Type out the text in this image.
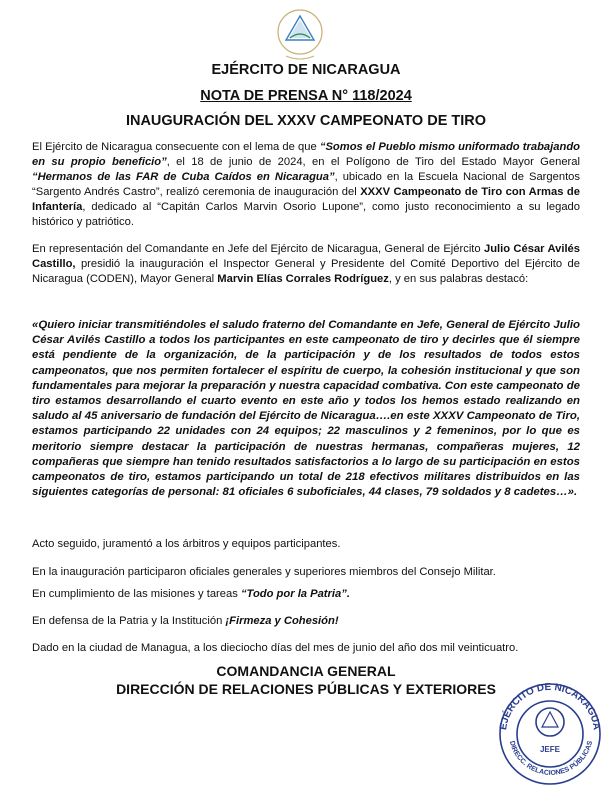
EJÉRCITO DE NICARAGUA
NOTA DE PRENSA N° 118/2024
INAUGURACIÓN DEL XXXV CAMPEONATO DE TIRO
El Ejército de Nicaragua consecuente con el lema de que “Somos el Pueblo mismo uniformado trabajando en su propio beneficio”, el 18 de junio de 2024, en el Polígono de Tiro del Estado Mayor General “Hermanos de las FAR de Cuba Caídos en Nicaragua”, ubicado en la Escuela Nacional de Sargentos “Sargento Andrés Castro”, realizó ceremonia de inauguración del XXXV Campeonato de Tiro con Armas de Infantería, dedicado al “Capitán Carlos Marvin Osorio Lupone”, como justo reconocimiento a su legado histórico y patriótico.
En representación del Comandante en Jefe del Ejército de Nicaragua, General de Ejército Julio César Avilés Castillo, presidió la inauguración el Inspector General y Presidente del Comité Deportivo del Ejército de Nicaragua (CODEN), Mayor General Marvin Elías Corrales Rodríguez, y en sus palabras destacó:
«Quiero iniciar transmitiéndoles el saludo fraterno del Comandante en Jefe, General de Ejército Julio César Avilés Castillo a todos los participantes en este campeonato de tiro y decirles que él siempre está pendiente de la organización, de la participación y de los resultados de todos estos campeonatos, que nos permiten fortalecer el espíritu de cuerpo, la cohesión institucional y que son fundamentales para mejorar la preparación y nuestra capacidad combativa. Con este campeonato de tiro estamos desarrollando el cuarto evento en este año y todos los hemos estado realizando en saludo al 45 aniversario de fundación del Ejército de Nicaragua….en este XXXV Campeonato de Tiro, estamos participando 22 unidades con 24 equipos; 22 masculinos y 2 femeninos, por lo que es meritorio siempre destacar la participación de nuestras hermanas, compañeras mujeres, 12 compañeras que siempre han tenido resultados satisfactorios a lo largo de su participación en estos campeonatos de tiro, estamos participando un total de 218 efectivos militares distribuidos en las siguientes categorías de personal: 81 oficiales 6 suboficiales, 44 clases, 79 soldados y 8 cadetes…».
Acto seguido, juramentó a los árbitros y equipos participantes.
En la inauguración participaron oficiales generales y superiores miembros del Consejo Militar.
En cumplimiento de las misiones y tareas “Todo por la Patria”.
En defensa de la Patria y la Institución ¡Firmeza y Cohesión!
Dado en la ciudad de Managua, a los dieciocho días del mes de junio del año dos mil veinticuatro.
COMANDANCIA GENERAL
DIRECCIÓN DE RELACIONES PÚBLICAS Y EXTERIORES
EJÉRCITO DE NICARAGUA
DIRECC. RELACIONES PÚBLICAS
JEFE
